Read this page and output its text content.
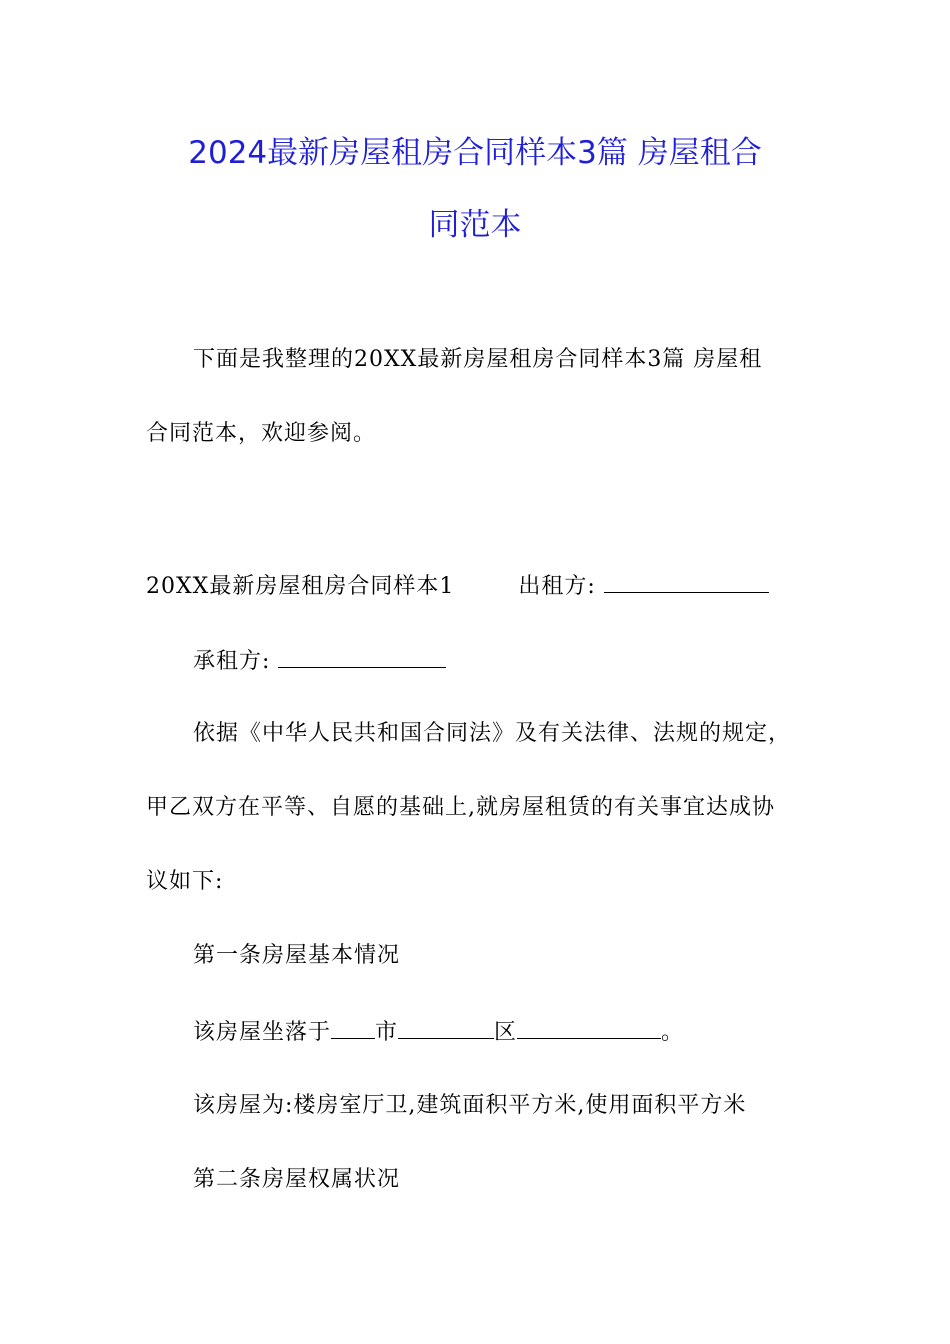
2024最新房屋租房合同样本3篇 房屋租合
同范本
下面是我整理的20XX最新房屋租房合同样本3篇 房屋租
合同范本，欢迎参阅。
20XX最新房屋租房合同样本1	出租方:
承租方:
依据《中华人民共和国合同法》及有关法律、法规的规定，
甲乙双方在平等、自愿的基础上,就房屋租赁的有关事宜达成协
议如下:
第一条房屋基本情况
该房屋坐落于 市	区	。
该房屋为:楼房室厅卫,建筑面积平方米,使用面积平方米
第二条房屋权属状况
